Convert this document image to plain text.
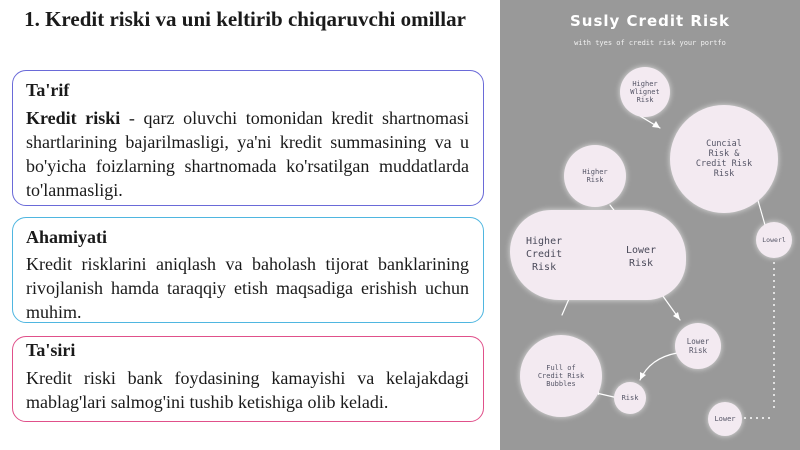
1. Kredit riski va uni keltirib chiqaruvchi omillar
Ta'rif
Kredit riski - qarz oluvchi tomonidan kredit shartnomasi shartlarining bajarilmasligi, ya'ni kredit summasining va u bo'yicha foizlarning shartnomada ko'rsatilgan muddatlarda to'lanmasligi.
Ahamiyati
Kredit risklarini aniqlash va baholash tijorat banklarining rivojlanish hamda taraqqiy etish maqsadiga erishish uchun muhim.
Ta'siri
Kredit riski bank foydasining kamayishi va kelajakdagi mablag'lari salmog'ini tushib ketishiga olib keladi.
Susly Credit Risk
with tyes of credit risk your portfo
Higher
Wlignet
Risk
Cuncial
Risk &
Credit Risk
Risk
Higher
Risk
Higher
Credit
Risk
Lower
Risk
Lowerl
Lower
Risk
Full of
Credit Risk
Bubbles
Risk
Lower
